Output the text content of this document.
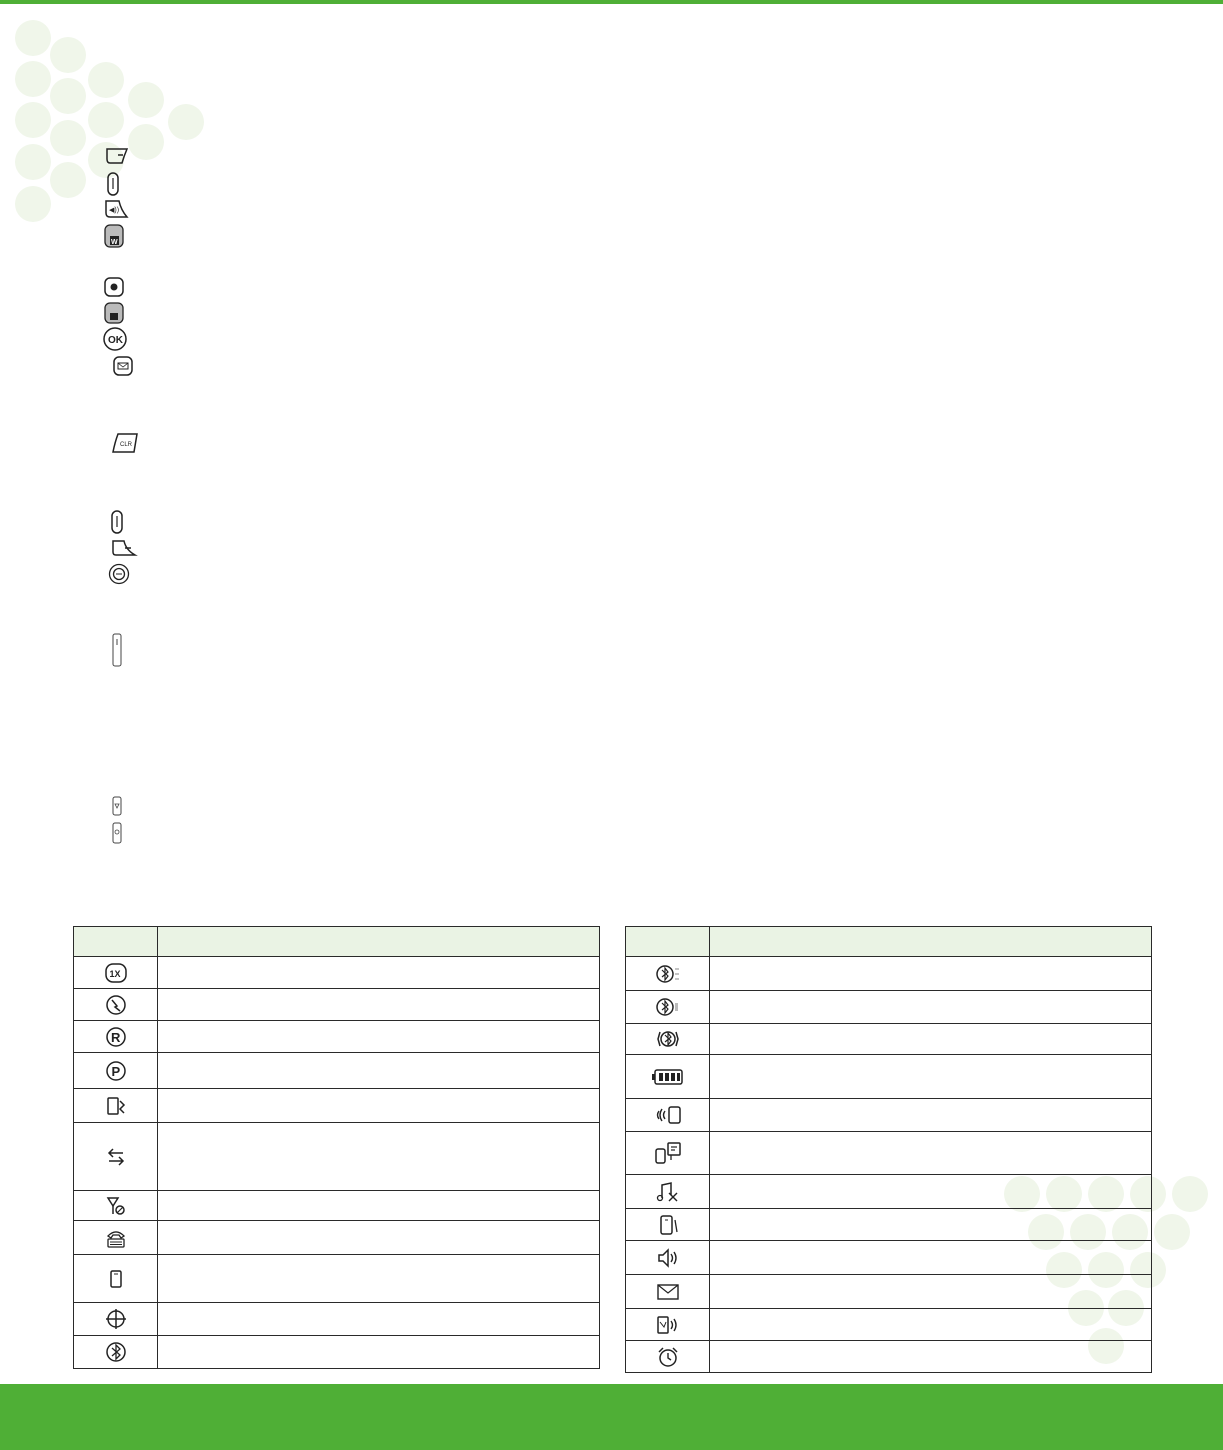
◀))
W
OK
CLR

1X	

R	

P	
